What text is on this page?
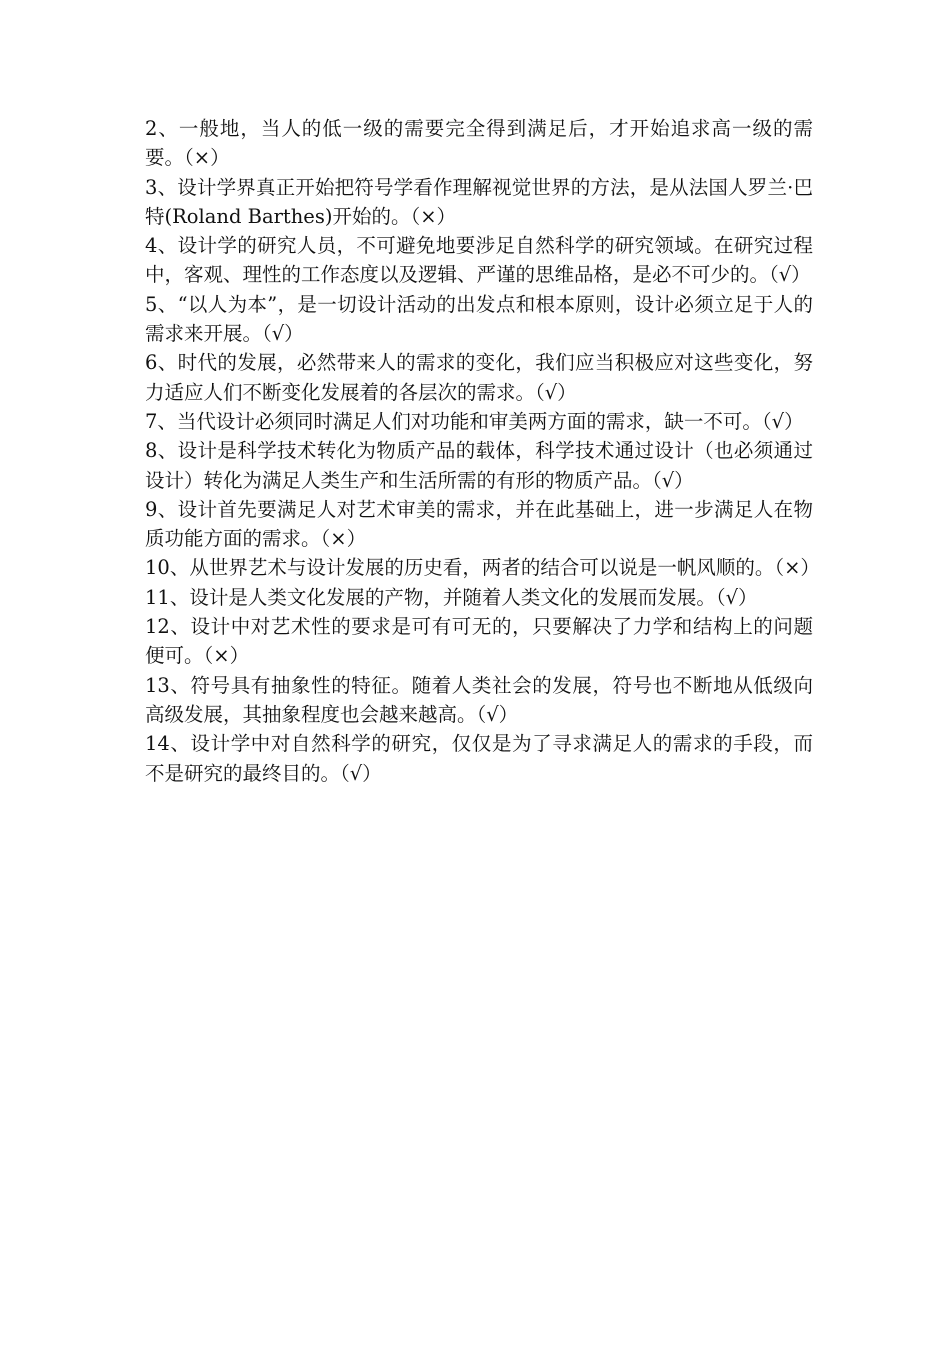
2、一般地，当人的低一级的需要完全得到满足后，才开始追求高一级的需要。（×）

3、设计学界真正开始把符号学看作理解视觉世界的方法，是从法国人罗兰·巴特(Roland Barthes)开始的。（×）

4、设计学的研究人员，不可避免地要涉足自然科学的研究领域。在研究过程中，客观、理性的工作态度以及逻辑、严谨的思维品格，是必不可少的。（√）

5、“以人为本”，是一切设计活动的出发点和根本原则，设计必须立足于人的需求来开展。（√）

6、时代的发展，必然带来人的需求的变化，我们应当积极应对这些变化，努力适应人们不断变化发展着的各层次的需求。（√）

7、当代设计必须同时满足人们对功能和审美两方面的需求，缺一不可。（√）

8、设计是科学技术转化为物质产品的载体，科学技术通过设计（也必须通过设计）转化为满足人类生产和生活所需的有形的物质产品。（√）

9、设计首先要满足人对艺术审美的需求，并在此基础上，进一步满足人在物质功能方面的需求。（×）

10、从世界艺术与设计发展的历史看，两者的结合可以说是一帆风顺的。（×）

11、设计是人类文化发展的产物，并随着人类文化的发展而发展。（√）

12、设计中对艺术性的要求是可有可无的，只要解决了力学和结构上的问题便可。（×）

13、符号具有抽象性的特征。随着人类社会的发展，符号也不断地从低级向高级发展，其抽象程度也会越来越高。（√）

14、设计学中对自然科学的研究，仅仅是为了寻求满足人的需求的手段，而不是研究的最终目的。（√）
